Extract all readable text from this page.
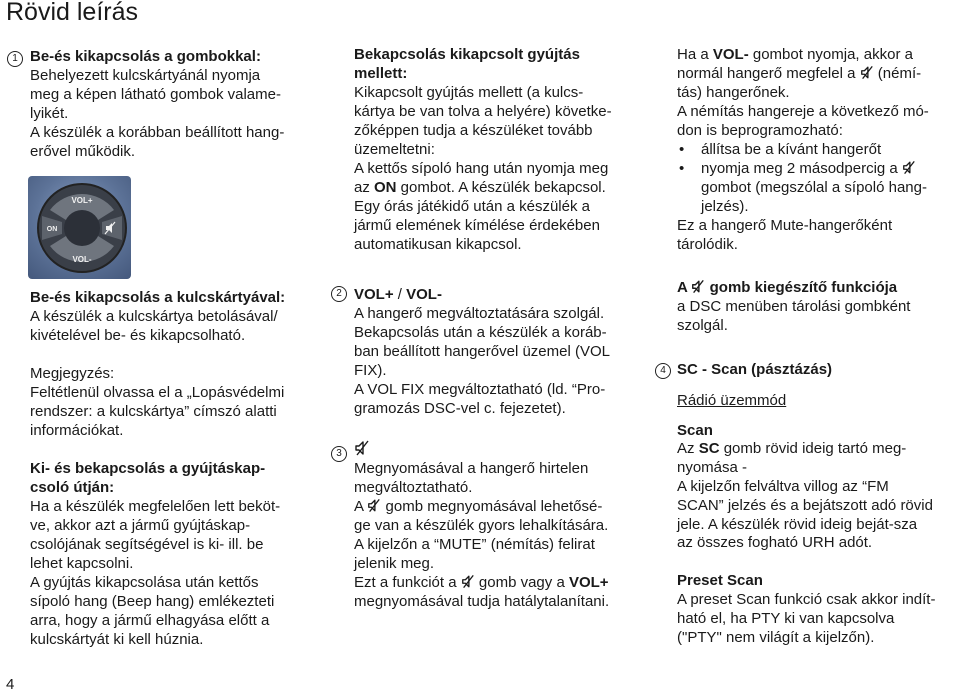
Rövid leírás
1 Be-és kikapcsolás a gombokkal:

Behelyezett kulcskártyánál nyomja

meg a képen látható gombok valame-

lyikét.

A készülék a korábban beállított hang-

erővel működik.

VOL+
ON
VOL-

Be-és kikapcsolás a kulcskártyával:

A készülék a kulcskártya betolásával/

kivételével be- és kikapcsolható.

Megjegyzés:

Feltétlenül olvassa el a „Lopásvédelmi

rendszer: a kulcskártya” címszó alatti

információkat.

Ki- és bekapcsolás a gyújtáskap-

csoló útján:

Ha a készülék megfelelően lett beköt-

ve, akkor azt a jármű gyújtáskap-

csolójának segítségével is ki- ill. be

lehet kapcsolni.

A gyújtás kikapcsolása után kettős

sípoló hang (Beep hang) emlékezteti

arra, hogy a jármű elhagyása előtt a

kulcskártyát ki kell húznia.

Bekapcsolás kikapcsolt gyújtás

mellett:

Kikapcsolt gyújtás mellett (a kulcs-

kártya be van tolva a helyére) követke-

zőképpen tudja a készüléket tovább

üzemeltetni:

A kettős sípoló hang után nyomja meg

az ON gombot. A készülék bekapcsol.

Egy órás játékidő után a készülék a

jármű elemének kímélése érdekében

automatikusan kikapcsol.

2 VOL+ / VOL-

A hangerő megváltoztatására szolgál.

Bekapcsolás után a készülék a koráb-

ban beállított hangerővel üzemel (VOL

FIX).

A VOL FIX megváltoztatható (ld. “Pro-

gramozás DSC-vel c. fejezetet).

3

Megnyomásával a hangerő hirtelen

megváltoztatható.

A  gomb megnyomásával lehetősé-

ge van a készülék gyors lehalkítására.

A kijelzőn a “MUTE” (némítás) felirat

jelenik meg.

Ezt a funkciót a  gomb vagy a VOL+

megnyomásával tudja hatálytalanítani.

Ha a VOL- gombot nyomja, akkor a

normál hangerő megfelel a  (némí-

tás) hangerőnek.

A némítás hangereje a következő mó-

don is beprogramozható:

• állítsa be a kívánt hangerőt
• nyomja meg 2 másodpercig a
gombot (megszólal a sípoló hang-
jelzés).

Ez a hangerő Mute-hangerőként

tárolódik.

A  gomb kiegészítő funkciója

a DSC menüben tárolási gombként

szolgál.

4 SC - Scan (pásztázás)

Rádió üzemmód

Scan

Az SC gomb rövid ideig tartó meg-

nyomása -

A kijelzőn felváltva villog az “FM

SCAN” jelzés és a bejátszott adó rövid

jele. A készülék rövid ideig beját-sza

az összes fogható URH adót.

Preset Scan

A preset Scan funkció csak akkor indít-

ható el, ha PTY ki van kapcsolva

("PTY" nem világít a kijelzőn).

4
